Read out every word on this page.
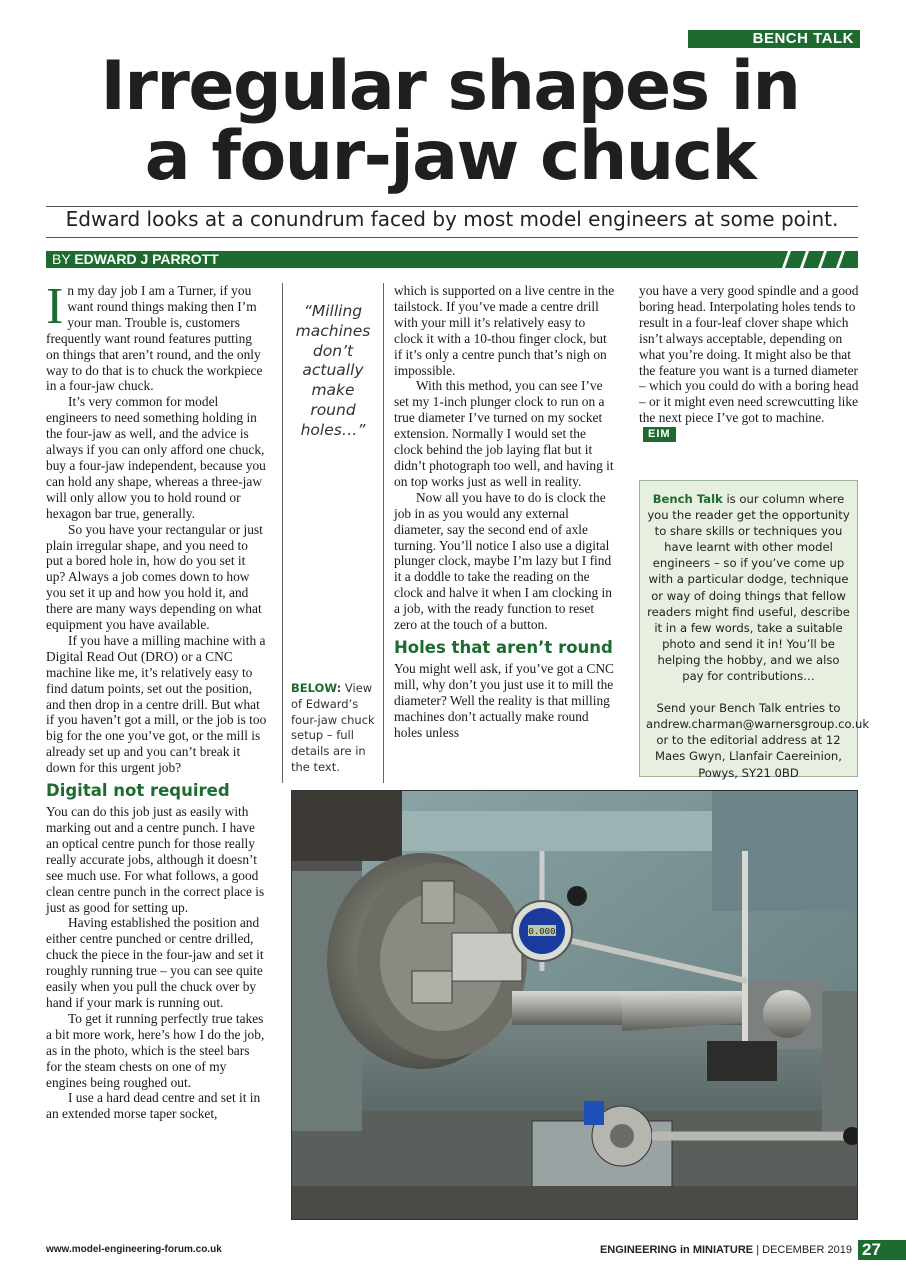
BENCH TALK
Irregular shapes in
a four-jaw chuck
Edward looks at a conundrum faced by most model engineers at some point.
BY EDWARD J PARROTT

In my day job I am a Turner, if you want round things making then I’m your man. Trouble is, customers frequently want round features putting on things that aren’t round, and the only way to do that is to chuck the workpiece in a four-jaw chuck.

It’s very common for model engineers to need something holding in the four-jaw as well, and the advice is always if you can only afford one chuck, buy a four-jaw independent, because you can hold any shape, whereas a three-jaw will only allow you to hold round or hexagon bar true, generally.

So you have your rectangular or just plain irregular shape, and you need to put a bored hole in, how do you set it up? Always a job comes down to how you set it up and how you hold it, and there are many ways depending on what equipment you have available.

If you have a milling machine with a Digital Read Out (DRO) or a CNC machine like me, it’s relatively easy to find datum points, set out the position, and then drop in a centre drill. But what if you haven’t got a mill, or the job is too big for the one you’ve got, or the mill is already set up and you can’t break it down for this urgent job?

Digital not required

You can do this job just as easily with marking out and a centre punch. I have an optical centre punch for those really really accurate jobs, although it doesn’t see much use. For what follows, a good clean centre punch in the correct place is just as good for setting up.

Having established the position and either centre punched or centre drilled, chuck the piece in the four-jaw and set it roughly running true – you can see quite easily when you pull the chuck over by hand if your mark is running out.

To get it running perfectly true takes a bit more work, here’s how I do the job, as in the photo, which is the steel bars for the steam chests on one of my engines being roughed out.

I use a hard dead centre and set it in an extended morse taper socket,

“Milling machines don’t actually make round holes…”
BELOW: View of Edward’s four-jaw chuck setup – full details are in the text.

which is supported on a live centre in the tailstock. If you’ve made a centre drill with your mill it’s relatively easy to clock it with a 10-thou finger clock, but if it’s only a centre punch that’s nigh on impossible.

With this method, you can see I’ve set my 1-inch plunger clock to run on a true diameter I’ve turned on my socket extension. Normally I would set the clock behind the job laying flat but it didn’t photograph too well, and having it on top works just as well in reality.

Now all you have to do is clock the job in as you would any external diameter, say the second end of axle turning. You’ll notice I also use a digital plunger clock, maybe I’m lazy but I find it a doddle to take the reading on the clock and halve it when I am clocking in a job, with the ready function to reset zero at the touch of a button.

Holes that aren’t round

You might well ask, if you’ve got a CNC mill, why don’t you just use it to mill the diameter? Well the reality is that milling machines don’t actually make round holes unless

you have a very good spindle and a good boring head. Interpolating holes tends to result in a four-leaf clover shape which isn’t always acceptable, depending on what you’re doing. It might also be that the feature you want is a turned diameter – which you could do with a boring head – or it might even need screwcutting like the next piece I’ve got to machine.EIM

Bench Talk is our column where you the reader get the opportunity to share skills or techniques you have learnt with other model engineers – so if you’ve come up with a particular dodge, technique or way of doing things that fellow readers might find useful, describe it in a few words, take a suitable photo and send it in! You’ll be helping the hobby, and we also pay for contributions…
Send your Bench Talk entries to andrew.charman@warnersgroup.co.uk or to the editorial address at 12 Maes Gwyn, Llanfair Caereinion, Powys, SY21 0BD
0.000
www.model-engineering-forum.co.uk	ENGINEERING in MINIATURE | DECEMBER 2019 27
